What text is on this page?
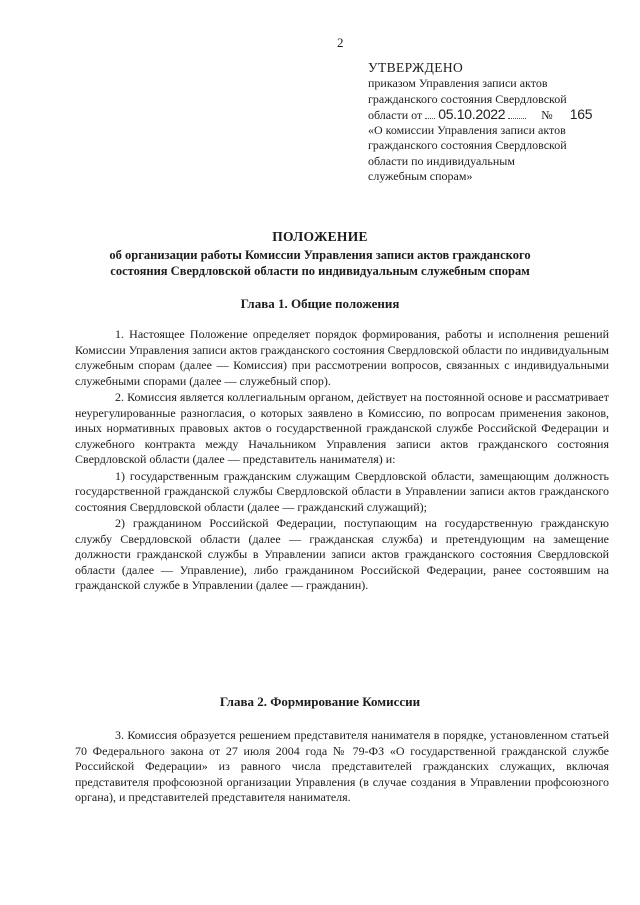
2
УТВЕРЖДЕНО
приказом Управления записи актов
гражданского состояния Свердловской
области от 05.10.2022	№ 165
«О комиссии Управления записи актов
гражданского состояния Свердловской
области по индивидуальным
служебным спорам»
ПОЛОЖЕНИЕ
об организации работы Комиссии Управления записи актов гражданского
состояния Свердловской области по индивидуальным служебным спорам
Глава 1. Общие положения

1. Настоящее Положение определяет порядок формирования, работы и исполнения решений Комиссии Управления записи актов гражданского состояния Свердловской области по индивидуальным служебным спорам (далее — Комиссия) при рассмотрении вопросов, связанных с индивидуальными служебными спорами (далее — служебный спор).

2. Комиссия является коллегиальным органом, действует на постоянной основе и рассматривает неурегулированные разногласия, о которых заявлено в Комиссию, по вопросам применения законов, иных нормативных правовых актов о государственной гражданской службе Российской Федерации и служебного контракта между Начальником Управления записи актов гражданского состояния Свердловской области (далее — представитель нанимателя) и:

1) государственным гражданским служащим Свердловской области, замещающим должность государственной гражданской службы Свердловской области в Управлении записи актов гражданского состояния Свердловской области (далее — гражданский служащий);

2) гражданином Российской Федерации, поступающим на государственную гражданскую службу Свердловской области (далее — гражданская служба) и претендующим на замещение должности гражданской службы в Управлении записи актов гражданского состояния Свердловской области (далее — Управление), либо гражданином Российской Федерации, ранее состоявшим на гражданской службе в Управлении (далее — гражданин).

Глава 2. Формирование Комиссии

3. Комиссия образуется решением представителя нанимателя в порядке, установленном статьей 70 Федерального закона от 27 июля 2004 года № 79-ФЗ «О государственной гражданской службе Российской Федерации» из равного числа представителей гражданских служащих, включая представителя профсоюзной организации Управления (в случае создания в Управлении профсоюзного органа), и представителей представителя нанимателя.
